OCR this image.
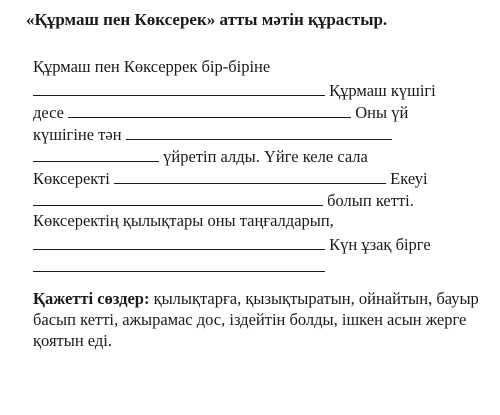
«Құрмаш пен Көксерек» атты мәтін құрастыр.
Құрмаш пен Көксеррек бір-біріне
Құрмаш күшігі
десе	Оны үй
күшігіне тән
үйретіп алды. Үйге келе сала
Көксеректі	Екеуі
болып кетті.
Көксеректің қылықтары оны таңғалдарып,
Күн ұзақ бірге
Қажетті сөздер: қылықтарға, қызықтыратын, ойнайтын, бауыр басып кетті, ажырамас дос, іздейтін болды, ішкен асын жерге қоятын еді.
